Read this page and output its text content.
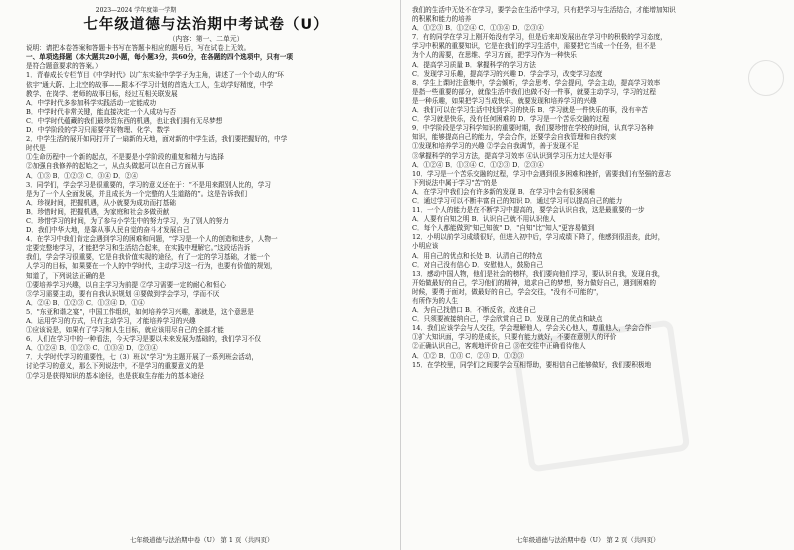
2023—2024 学年度第一学期
七年级道德与法治期中考试卷（U）
（内容：第一、二单元）
说明：请把本卷答案和答题卡书写在答题卡相应的题号后，写在试卷上无效。
一、单项选择题（本大题共20小题，每小题3分，共60分，在各题的四个选项中，只有一项
是符合题意要求的答案。）
1．青春成长专栏节目《中学时代》以广东实验中学学子为主角，讲述了一个个动人的"环
依宇"通大蔚、上北空的故事——跟本不学习计划的首选大工人，生动学好精度，中学
教学、在岗学、老师的故事目标，经过互相关联发展
A．中学时代多参加科学实践活动一定能成功
B．中学时代非常关键，能直接决定一个人成功与否
C．中学时代蕴藏的我们最珍贵东西的机遇，也让我们拥有无尽梦想
D．中学阶段的学习只需要学好物理、化学、数学
2．中学生活的展开如同打开了一扇新的天地，面对新的中学生活，我们要把握好的，中学
时代是
①生命历程中一个新的起点，不是要是小学阶段的重复和精力与选择
②加强自我修养的起始之一，从点头做起可以在自己方面从事
A．①③ B．①②③ C．③④ D．②④
3．同学们，学会学习是很重要的，学习的意义还在于：“不是用来跟别人比的，学习
是为了一个人全面发展，并且成长为一个完整的人生道路的”。这是告诉我们
A．珍视时间，把握机遇，从小就要为成功而打基础
B．珍惜时间，把握机遇，为家庭和社会多做贡献
C．珍惜学习的时间，为了参与小学生中的努力学习，为了别人的努力
D．我们中华大地，是靠从事人民自觉的奋斗才发展自己
4．在学习中我们肯定会遇到学习的困难和问题，“学习是一个人的创造和进步，人物一
定要完整地学习，才能把学习和生活结合起来，在实践中理解它。”这段话告诉
我们，学会学习很重要，它是自我价值实现的途径，有了一定的学习基础，才能一个
人学习的目标，如果要在一个人的中学时代，主动学习这一行为，也要有价值的规划，
知道了，下列说法正确的是
①要培养学习兴趣，以自主学习为前提 ②学习需要一定的耐心和恒心
③学习需要主动，要有自我认识规划 ④要做到学会学习，学而不厌
A．②④ B．①②③ C．①③④ D．①④
5．"东亚和谐之宴"，中国工作组织，如何培养学习兴趣，那就是，这个意思是
A．运用学习的方式，只有主动学习，才能培养学习的兴趣
①应该说是，如果有了学习和人生目标，就应该用尽自己的全部才能
6．人们在学习中的一种看法，今天学习是要以未来发展为基础的，我们学习不仅
A．①②④ B．①②③ C．①③④ D．②③④
7．大学时代学习的重要性，七（3）班以"学习"为主题开展了一系列班会活动，
讨论学习的意义，那么下列说法中，不是学习的重要意义的是
①学习是获得知识的基本途径，也是获取生存能力的基本途径
我们的生活中无处不在学习，要学会在生活中学习，只有把学习与生活结合，才能增加知识
的积累和能力的培养
A．①②③ B．①②④ C．①③④ D．②③④
7．有的同学在学习上刚开始没有学习，但是后来却发展出在学习中的积极的学习态度，
学习中积累的重要知识，它是在我们的学习生活中，需要把它当成一个任务，但不是
为个人的需要，在思维、学习方面，把学习作为一种快乐
A．提高学习质量 B．掌握科学的学习方法
C．发现学习乐趣，提高学习的兴趣 D．学会学习，改变学习态度
8．学生上课时注意集中，学会倾听，学会思考、学会提问，学会主动，提高学习效率
是指一些重要的部分，就像生活中我们也做不好一件事，就要主动学习，学习的过程
是一种乐趣，如果把学习当成快乐，就要发现和培养学习的兴趣
A．我们可以在学习生活中找到学习的快乐 B．学习就是一件快乐的事，没有辛苦
C．学习就是快乐，没有任何困难的 D．学习是一个苦乐交融的过程
9．中学阶段是学习科学知识的重要时期，我们要珍惜在学校的时间，认真学习各种
知识，能够提高自己的能力，学会合作，还要学会自我管理和自我约束
①发现和培养学习的兴趣 ②学会自我调节，善于发现不足
③掌握科学的学习方法，提高学习效率 ④认识到学习压力过大是好事
A．①②④ B．①③④ C．①②③ D．②③④
10．学习是一个苦乐交融的过程，学习中会遇到很多困难和挫折，需要我们有坚强的意志
下列说法中属于学习"苦"的是
A．在学习中我们会有许多新的发现 B．在学习中会有很多困难
C．通过学习可以不断丰富自己的知识 D．通过学习可以提高自己的能力
11．一个人的能力是在不断学习中提高的，要学会认识自我，这是最重要的一步
A．人要有自知之明 B．认识自己就不用认识他人
C．每个人都能做到"知己知彼" D．"自知"比"知人"更容易做到
12．小明以前学习成绩很好，但进入初中后，学习成绩下降了，他感到很沮丧，此时，
小明应该
A．用自己的优点和长处 B．认清自己的特点
C．对自己没有信心 D．安慰他人，鼓励自己
13．感动中国人物，他们是社会的榜样，我们要向他们学习，要认识自我，发现自我，
开始做最好的自己，学习他们的精神，追求自己的梦想，努力做好自己，遇到困难的
时候，要勇于面对，做最好的自己，学会交往，"没有不可能的"，
有所作为的人生
A．为自己找借口 B．不断反省，改进自己
C．只须要被接纳自己，学会欣赏自己 D．发现自己的优点和缺点
14．我们应该学会与人交往，学会理解他人，学会关心他人，尊重他人，学会合作
①扩大知识面，学习的是成长，只要有能力就好，不要在意别人的评价
②正确认识自己，客观地评价自己 ③在交往中正确看待他人
A．①② B．①③ C．②③ D．①②③
15．在学校里，同学们之间要学会互相帮助，要相信自己能够做好，我们要积极地
七年级道德与法治期中卷（U） 第 1 页（共四页）	七年级道德与法治期中卷（U） 第 2 页（共四页）
